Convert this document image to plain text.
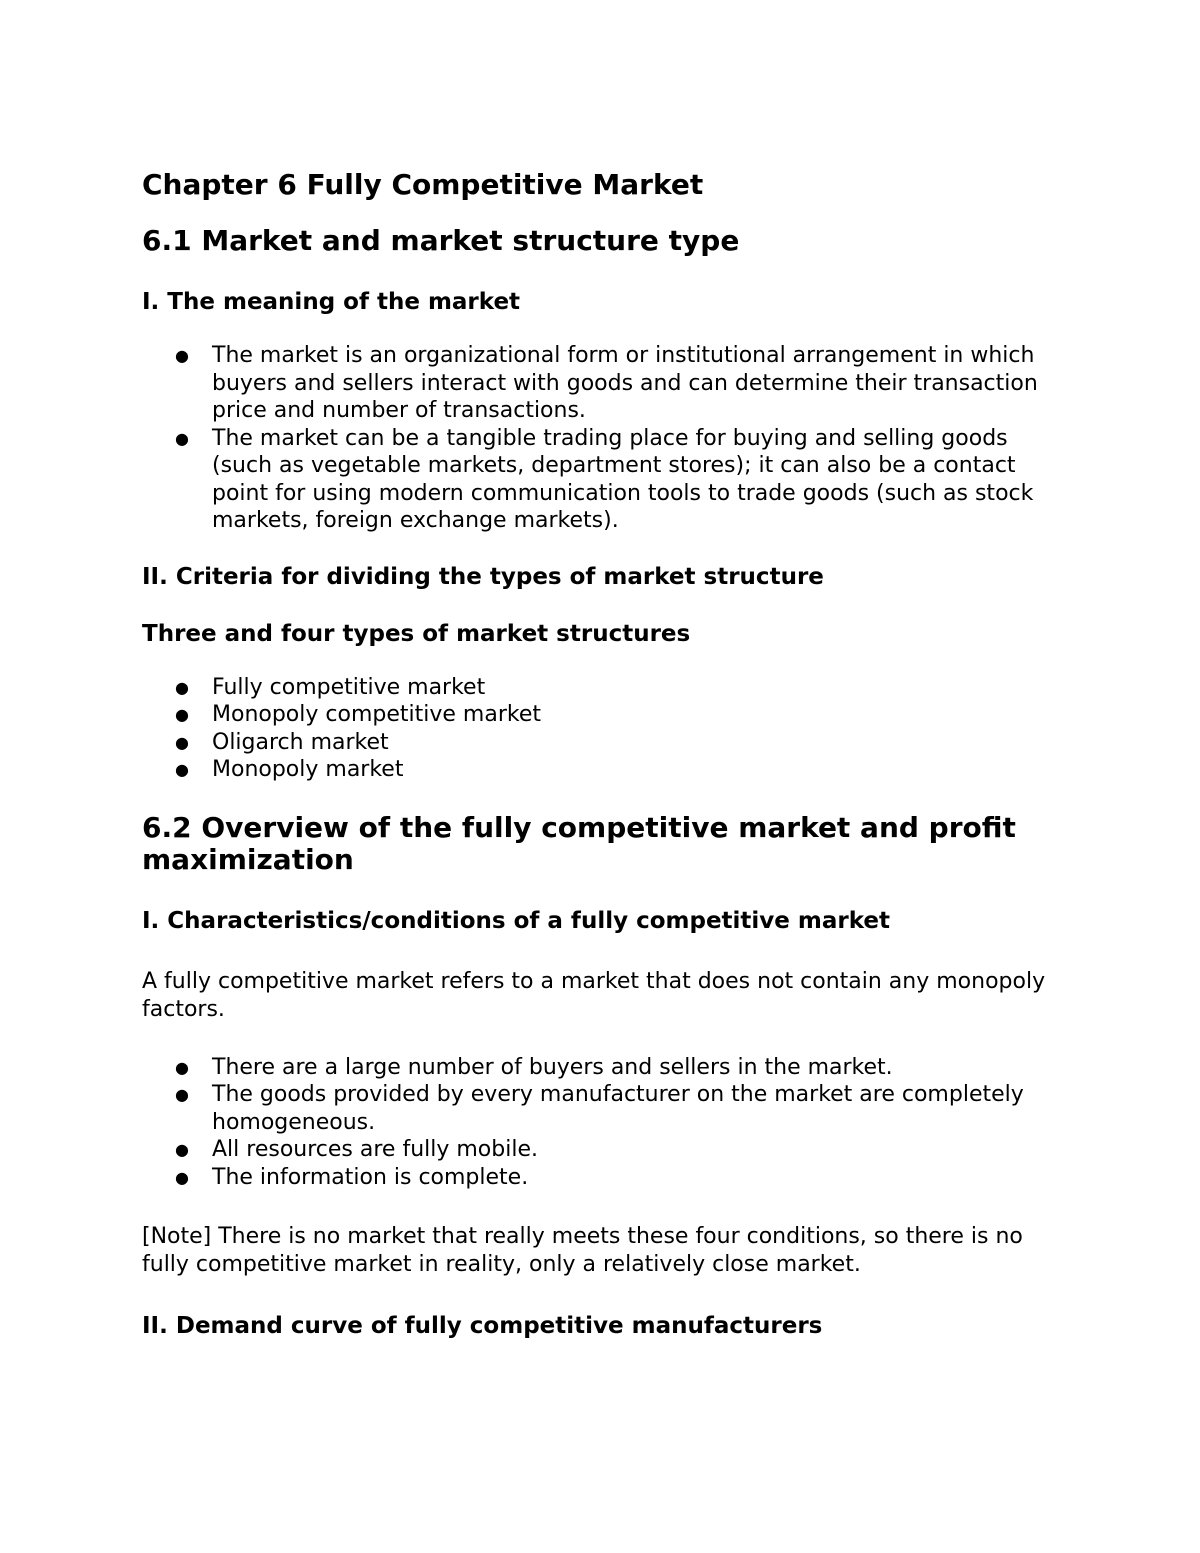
Chapter 6 Fully Competitive Market
6.1 Market and market structure type
I. The meaning of the market
● The market is an organizational form or institutional arrangement in which buyers and sellers interact with goods and can determine their transaction price and number of transactions.
● The market can be a tangible trading place for buying and selling goods (such as vegetable markets, department stores); it can also be a contact point for using modern communication tools to trade goods (such as stock markets, foreign exchange markets).
II. Criteria for dividing the types of market structure
Three and four types of market structures
● Fully competitive market
● Monopoly competitive market
● Oligarch market
● Monopoly market
6.2 Overview of the fully competitive market and profit maximization
I. Characteristics/conditions of a fully competitive market

A fully competitive market refers to a market that does not contain any monopoly factors.

● There are a large number of buyers and sellers in the market.
● The goods provided by every manufacturer on the market are completely homogeneous.
● All resources are fully mobile.
● The information is complete.

[Note] There is no market that really meets these four conditions, so there is no fully competitive market in reality, only a relatively close market.

II. Demand curve of fully competitive manufacturers
